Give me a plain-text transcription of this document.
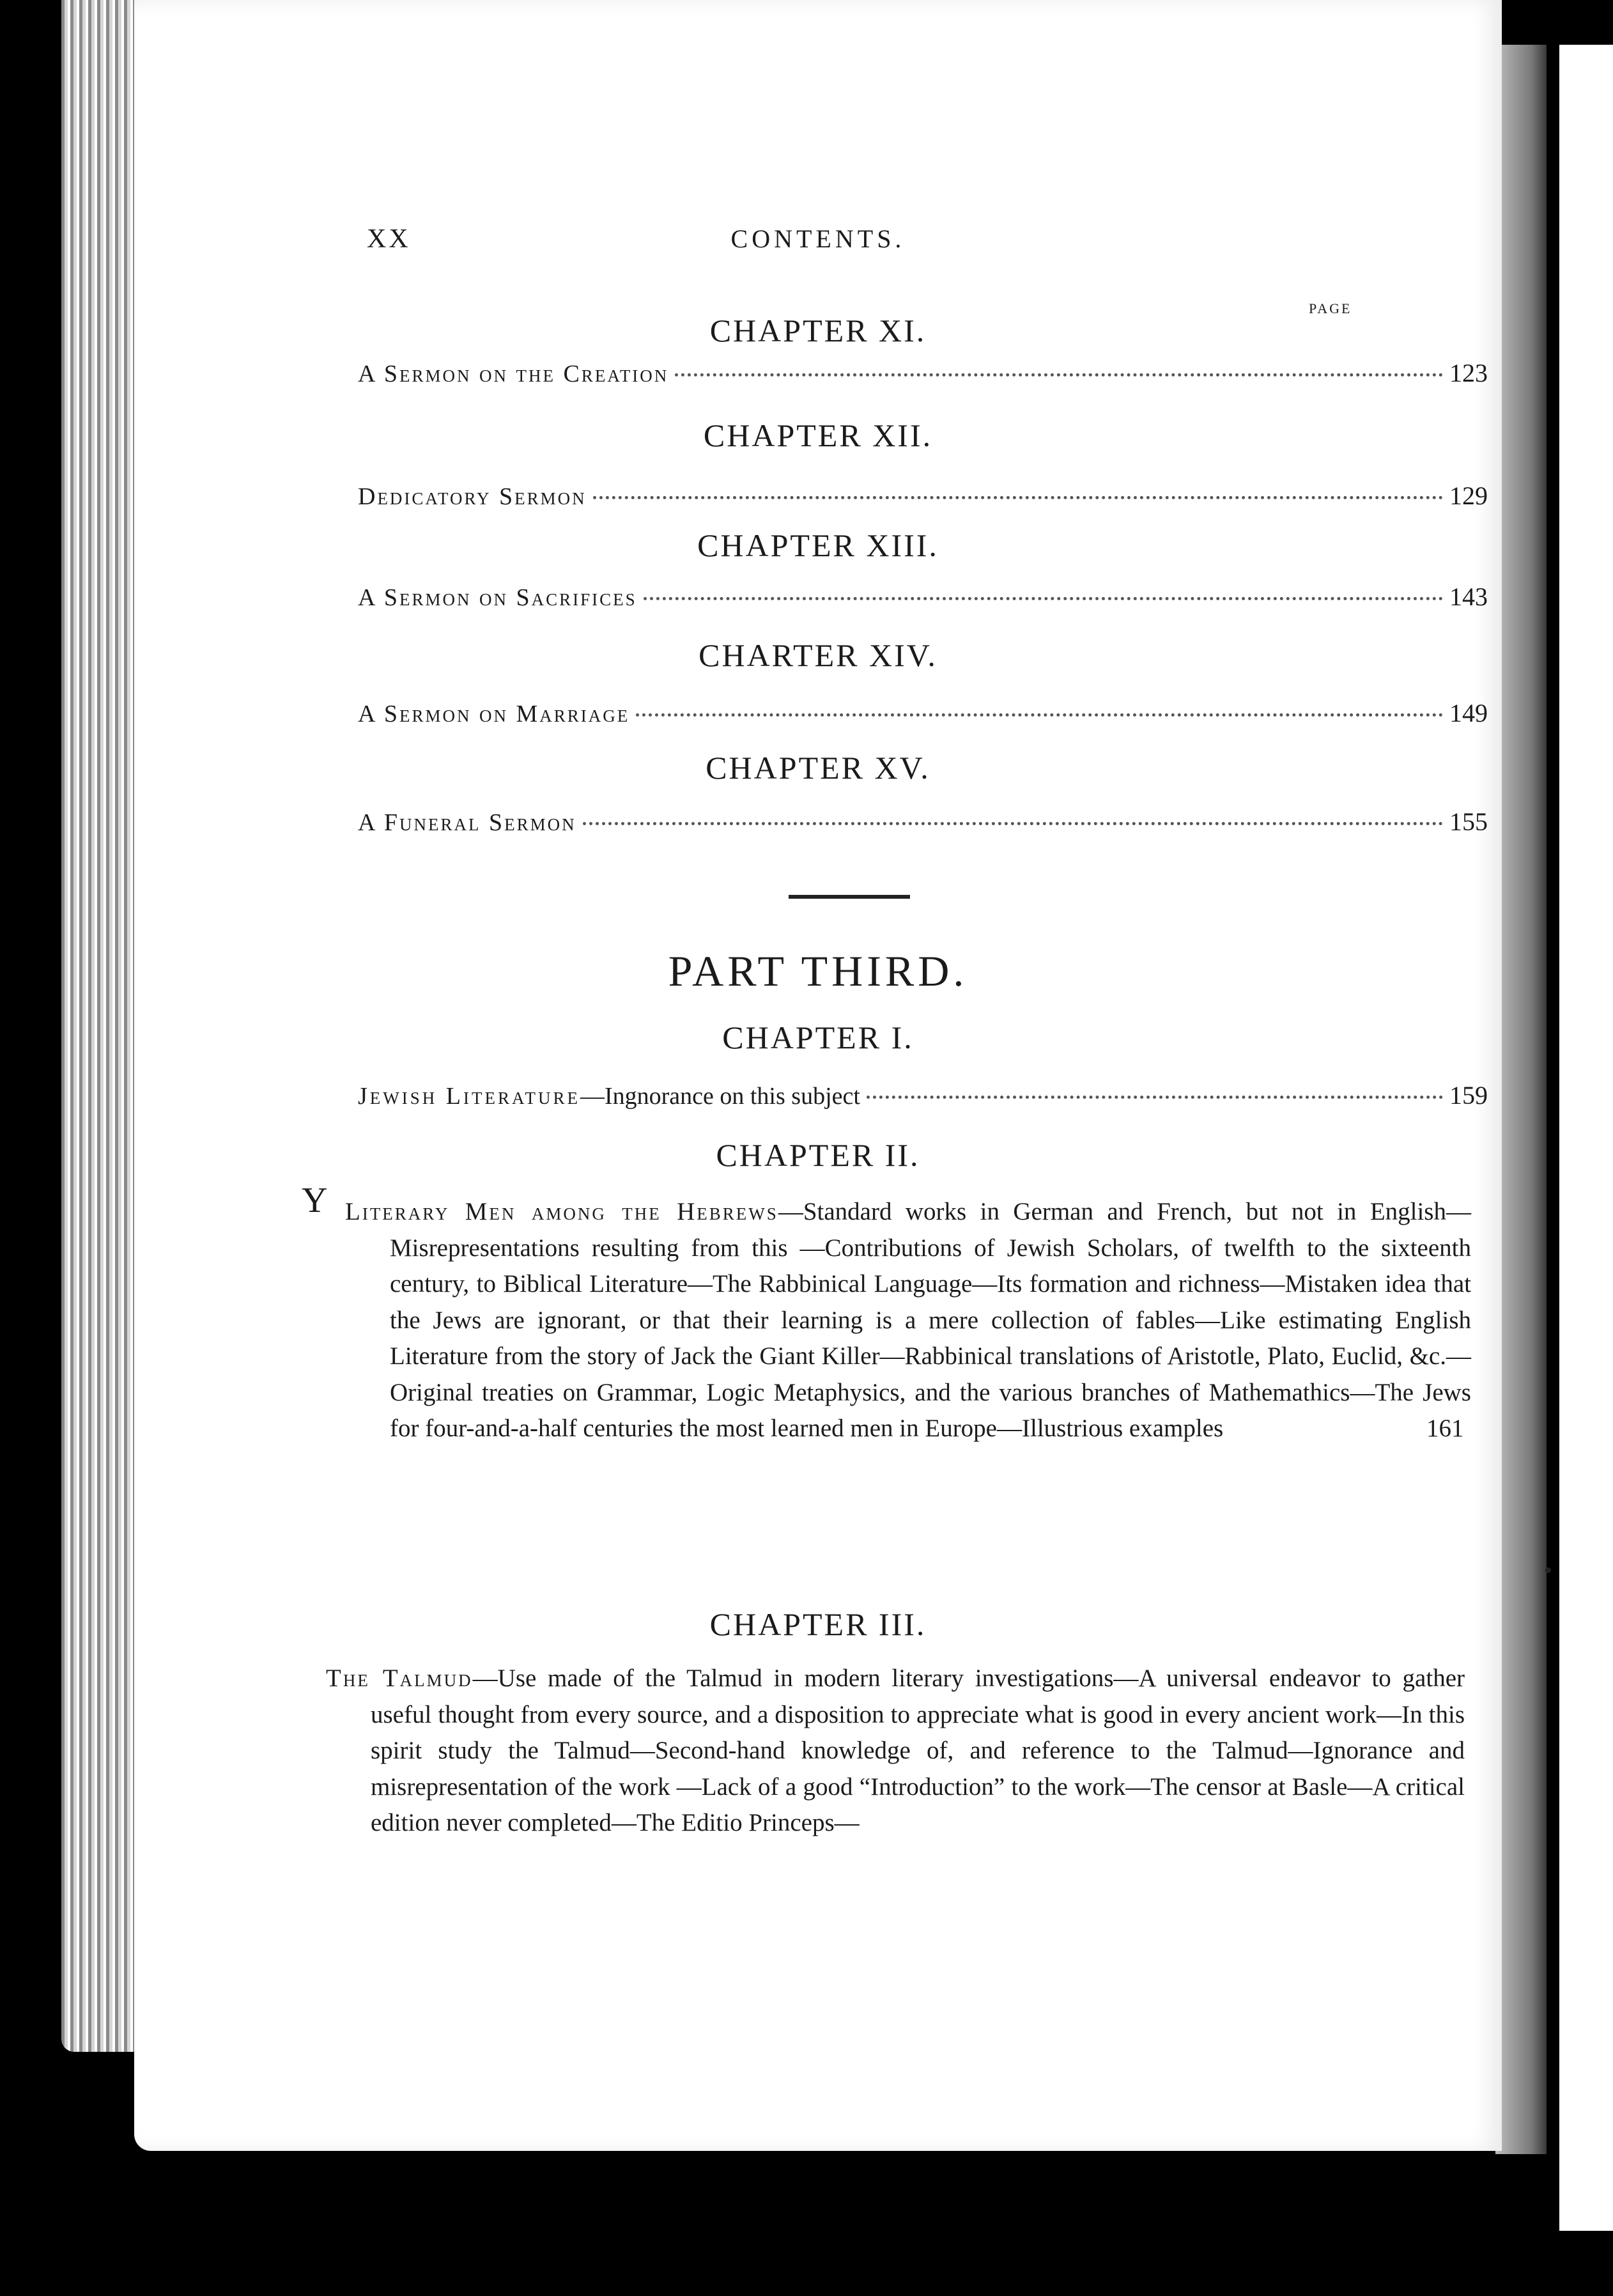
XX	CONTENTS.
PAGE
CHAPTER XI.
A Sermon on the Creation	123
CHAPTER XII.
Dedicatory Sermon	129
CHAPTER XIII.
A Sermon on Sacrifices	143
CHARTER XIV.
A Sermon on Marriage	149
CHAPTER XV.
A Funeral Sermon	155
PART THIRD.
CHAPTER I.
Jewish Literature—Ingnorance on this subject	159
CHAPTER II.
Y Literary Men among the Hebrews—Standard works in German and French, but not in English—Misrepresentations resulting from this —Contributions of Jewish Scholars, of twelfth to the sixteenth century, to Biblical Literature—The Rabbinical Language—Its formation and richness—Mistaken idea that the Jews are ignorant, or that their learning is a mere collection of fables—Like estimating English Literature from the story of Jack the Giant Killer—Rabbinical translations of Aristotle, Plato, Euclid, &c.—Original treaties on Grammar, Logic Metaphysics, and the various branches of Mathemathics—The Jews for four-and-a-half centuries the most learned men in Europe—Illustrious examples	161
CHAPTER III.
The Talmud—Use made of the Talmud in modern literary investigations—A universal endeavor to gather useful thought from every source, and a disposition to appreciate what is good in every ancient work—In this spirit study the Talmud—Second-hand knowledge of, and reference to the Talmud—Ignorance and misrepresentation of the work —Lack of a good “Introduction” to the work—The censor at Basle—A critical edition never completed—The Editio Princeps—
